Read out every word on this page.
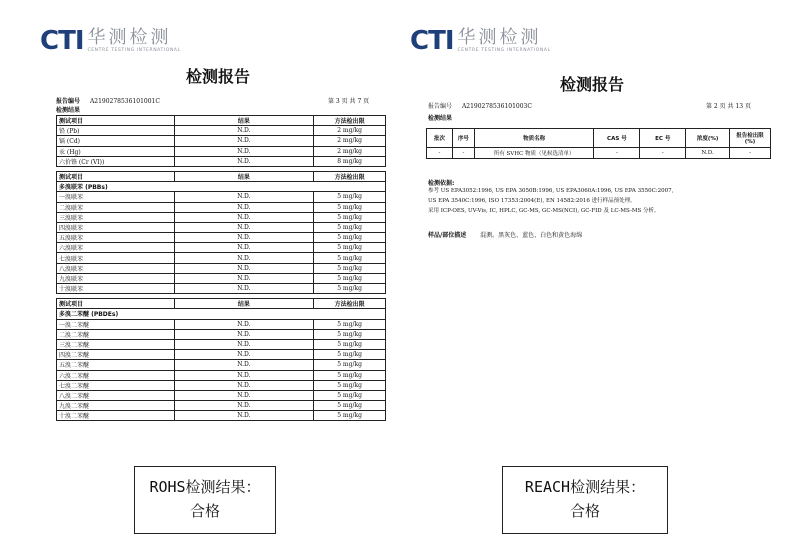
CTI 华测检测
CENTRE TESTING INTERNATIONAL
检测报告
报告编号 A2190278536101001C	第 3 页 共 7 页
检测结果
测试项目	结果	方法检出限
铅 (Pb)	N.D.	2 mg/kg
镉 (Cd)	N.D.	2 mg/kg
汞 (Hg)	N.D.	2 mg/kg
六价铬 (Cr (VI))	N.D.	8 mg/kg

测试项目	结果	方法检出限
多溴联苯 (PBBs)		
一溴联苯	N.D.	5 mg/kg
二溴联苯	N.D.	5 mg/kg
三溴联苯	N.D.	5 mg/kg
四溴联苯	N.D.	5 mg/kg
五溴联苯	N.D.	5 mg/kg
六溴联苯	N.D.	5 mg/kg
七溴联苯	N.D.	5 mg/kg
八溴联苯	N.D.	5 mg/kg
九溴联苯	N.D.	5 mg/kg
十溴联苯	N.D.	5 mg/kg

测试项目	结果	方法检出限
多溴二苯醚 (PBDEs)		
一溴二苯醚	N.D.	5 mg/kg
二溴二苯醚	N.D.	5 mg/kg
三溴二苯醚	N.D.	5 mg/kg
四溴二苯醚	N.D.	5 mg/kg
五溴二苯醚	N.D.	5 mg/kg
六溴二苯醚	N.D.	5 mg/kg
七溴二苯醚	N.D.	5 mg/kg
八溴二苯醚	N.D.	5 mg/kg
九溴二苯醚	N.D.	5 mg/kg
十溴二苯醚	N.D.	5 mg/kg
ROHS检测结果：
合格
CTI 华测检测
CENTRE TESTING INTERNATIONAL
检测报告
报告编号 A2190278536101003C	第 2 页 共 13 页
检测结果
批次	序号	物质名称	CAS 号	EC 号	浓度(%)	报告检出限(%)
-	-	所有 SVHC 物质（见候选清单）	-	-	N.D.	-
检测依据:
参考 US EPA3052:1996, US EPA 3050B:1996, US EPA3060A:1996, US EPA 3550C:2007,
US EPA 3540C:1996, ISO 17353:2004(E), EN 14582:2016 进行样品预处理。
采用 ICP-OES, UV-Vis, IC, HPLC, GC-MS, GC-MS(NCI), GC-FID 及 LC-MS-MS 分析。
样品/部位描述 混测。黑灰色、蓝色、白色和黄色海绵
REACH检测结果：
合格
